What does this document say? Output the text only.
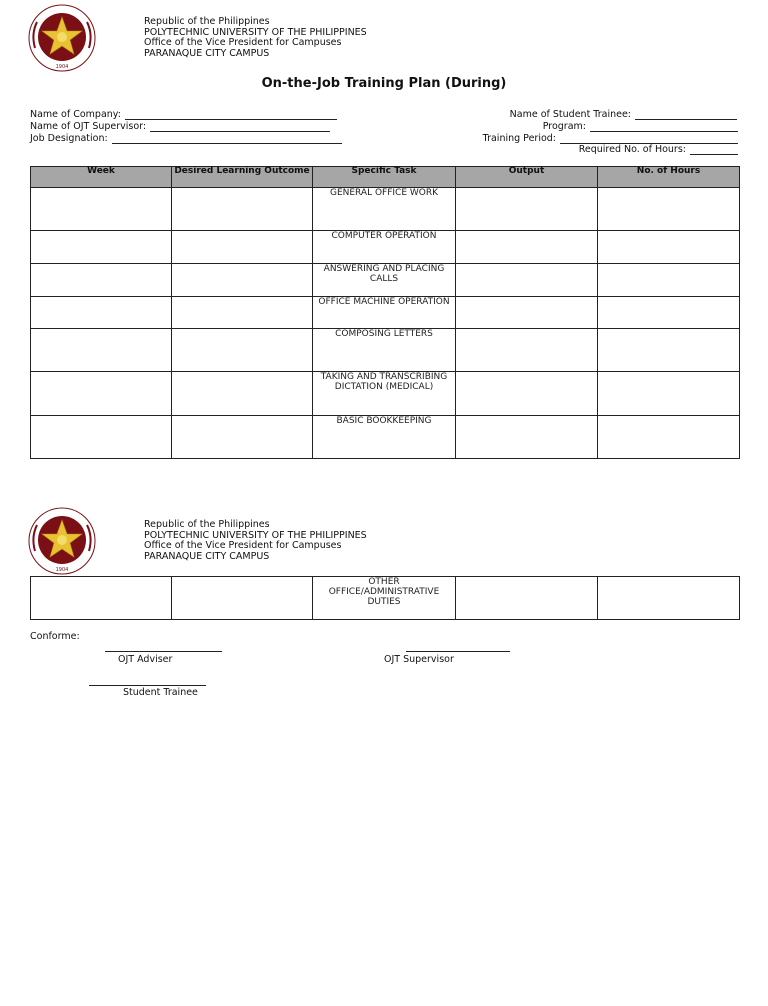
1904
Republic of the Philippines
POLYTECHNIC UNIVERSITY OF THE PHILIPPINES
Office of the Vice President for Campuses
PARANAQUE CITY CAMPUS
On-the-Job Training Plan (During)
Name of Company:
Name of OJT Supervisor:
Job Designation:
Name of Student Trainee:
Program:
Training Period:
Required No. of Hours:
Week	Desired Learning Outcome	Specific Task	Output	No. of Hours
		GENERAL OFFICE WORK		
		COMPUTER OPERATION		
		ANSWERING AND PLACING CALLS		
		OFFICE MACHINE OPERATION		
		COMPOSING LETTERS		
		TAKING AND TRANSCRIBING DICTATION (MEDICAL)		
		BASIC BOOKKEEPING		
1904
Republic of the Philippines
POLYTECHNIC UNIVERSITY OF THE PHILIPPINES
Office of the Vice President for Campuses
PARANAQUE CITY CAMPUS
		OTHER OFFICE/ADMINISTRATIVE DUTIES		
Conforme:
OJT Adviser	OJT Supervisor
Student Trainee
